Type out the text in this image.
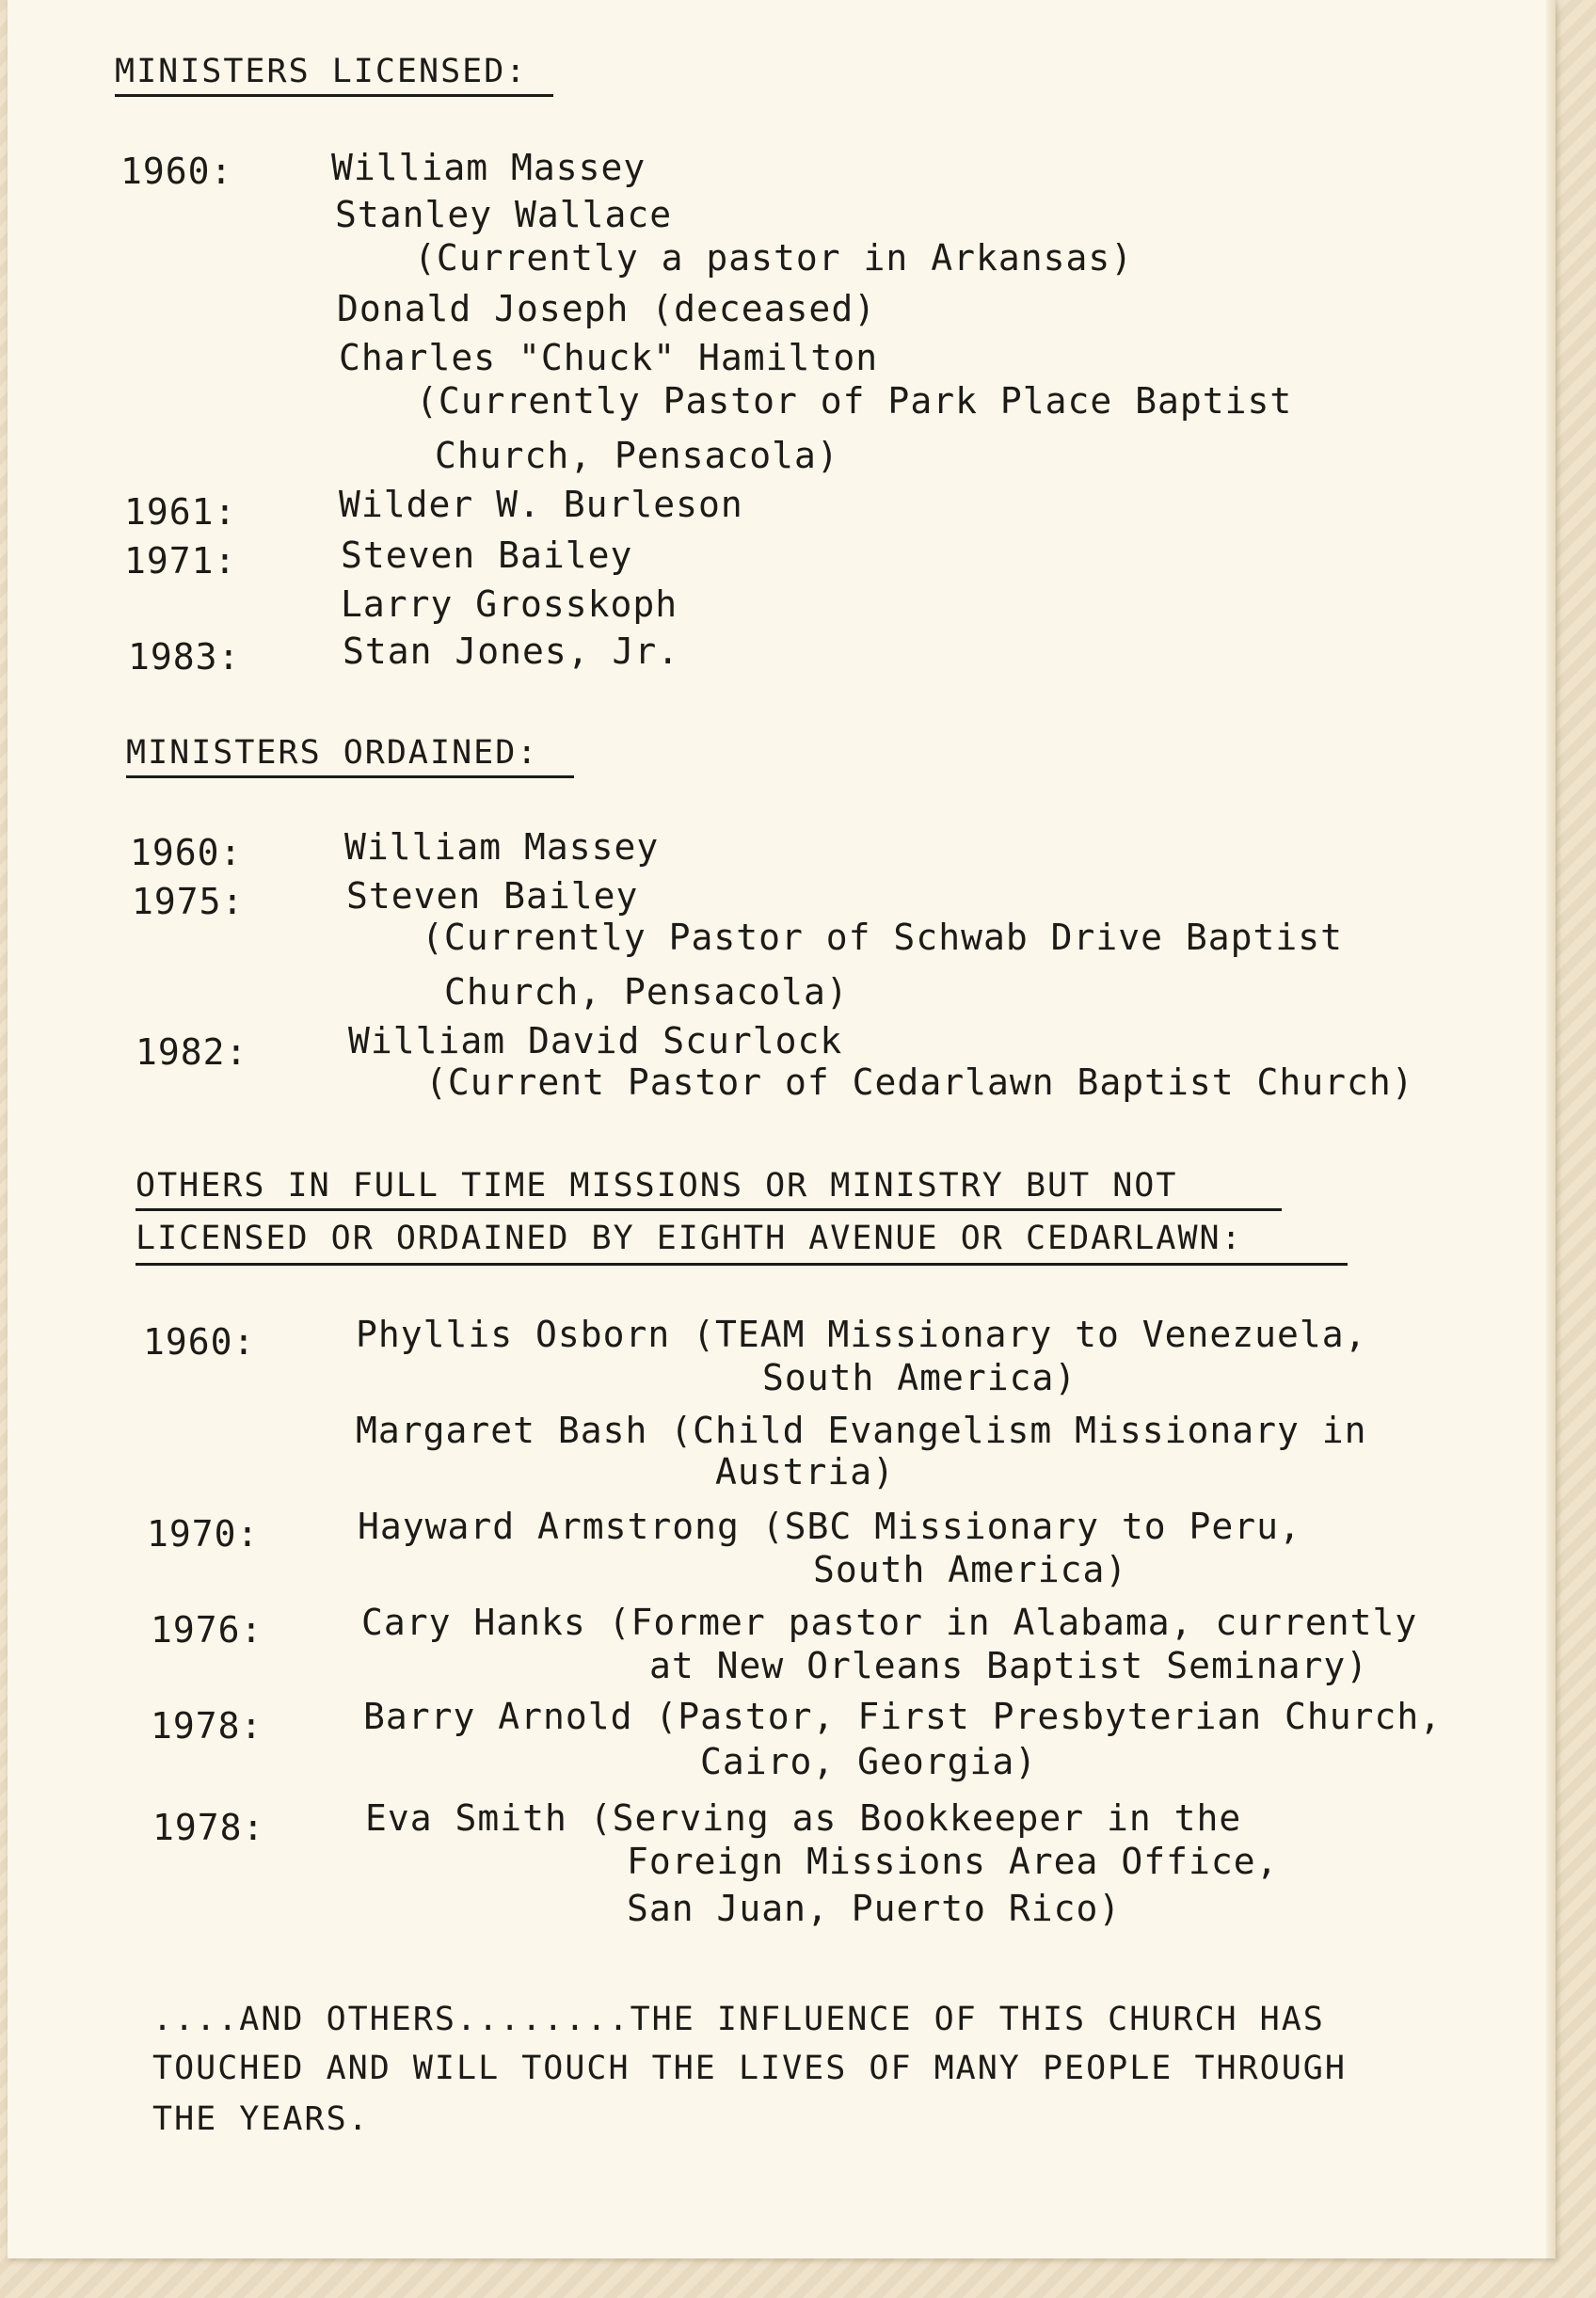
MINISTERS LICENSED:
1960:	William Massey
Stanley Wallace
(Currently a pastor in Arkansas)
Donald Joseph (deceased)
Charles "Chuck" Hamilton
(Currently Pastor of Park Place Baptist
Church, Pensacola)
1961:	Wilder W. Burleson
1971:	Steven Bailey
Larry Grosskoph
1983:	Stan Jones, Jr.
MINISTERS ORDAINED:
1960:	William Massey
1975:	Steven Bailey
(Currently Pastor of Schwab Drive Baptist
Church, Pensacola)
1982:	William David Scurlock
(Current Pastor of Cedarlawn Baptist Church)
OTHERS IN FULL TIME MISSIONS OR MINISTRY BUT NOT
LICENSED OR ORDAINED BY EIGHTH AVENUE OR CEDARLAWN:
1960:	Phyllis Osborn (TEAM Missionary to Venezuela,
South America)
Margaret Bash (Child Evangelism Missionary in
Austria)
1970:	Hayward Armstrong (SBC Missionary to Peru,
South America)
1976:	Cary Hanks (Former pastor in Alabama, currently
at New Orleans Baptist Seminary)
1978:	Barry Arnold (Pastor, First Presbyterian Church,
Cairo, Georgia)
1978:	Eva Smith (Serving as Bookkeeper in the
Foreign Missions Area Office,
San Juan, Puerto Rico)
....AND OTHERS........THE INFLUENCE OF THIS CHURCH HAS
TOUCHED AND WILL TOUCH THE LIVES OF MANY PEOPLE THROUGH
THE YEARS.
